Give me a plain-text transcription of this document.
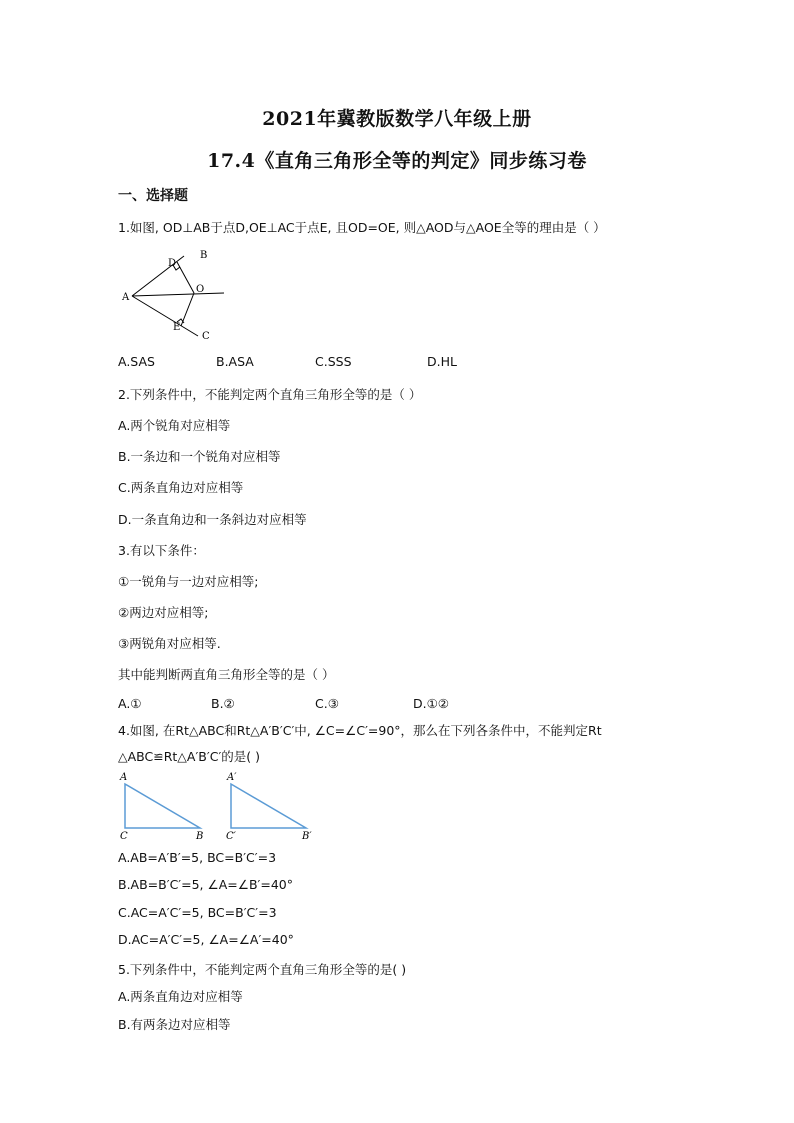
2021年冀教版数学八年级上册
17.4《直角三角形全等的判定》同步练习卷
一、选择题
1.如图, OD⊥AB于点D,OE⊥AC于点E, 且OD=OE, 则△AOD与△AOE全等的理由是（ ）
A
B
D
O
E
C
A.SAS	B.ASA	C.SSS	D.HL
2.下列条件中，不能判定两个直角三角形全等的是（ ）
A.两个锐角对应相等
B.一条边和一个锐角对应相等
C.两条直角边对应相等
D.一条直角边和一条斜边对应相等
3.有以下条件：
①一锐角与一边对应相等;
②两边对应相等;
③两锐角对应相等.
其中能判断两直角三角形全等的是（ ）
A.①	B.②	C.③	D.①②
4.如图, 在Rt△ABC和Rt△A′B′C′中, ∠C=∠C′=90°，那么在下列各条件中，不能判定Rt
△ABC≌Rt△A′B′C′的是( )
A
C	B
A′
C′	B′
A.AB=A′B′=5, BC=B′C′=3
B.AB=B′C′=5, ∠A=∠B′=40°
C.AC=A′C′=5, BC=B′C′=3
D.AC=A′C′=5, ∠A=∠A′=40°
5.下列条件中，不能判定两个直角三角形全等的是( )
A.两条直角边对应相等
B.有两条边对应相等
